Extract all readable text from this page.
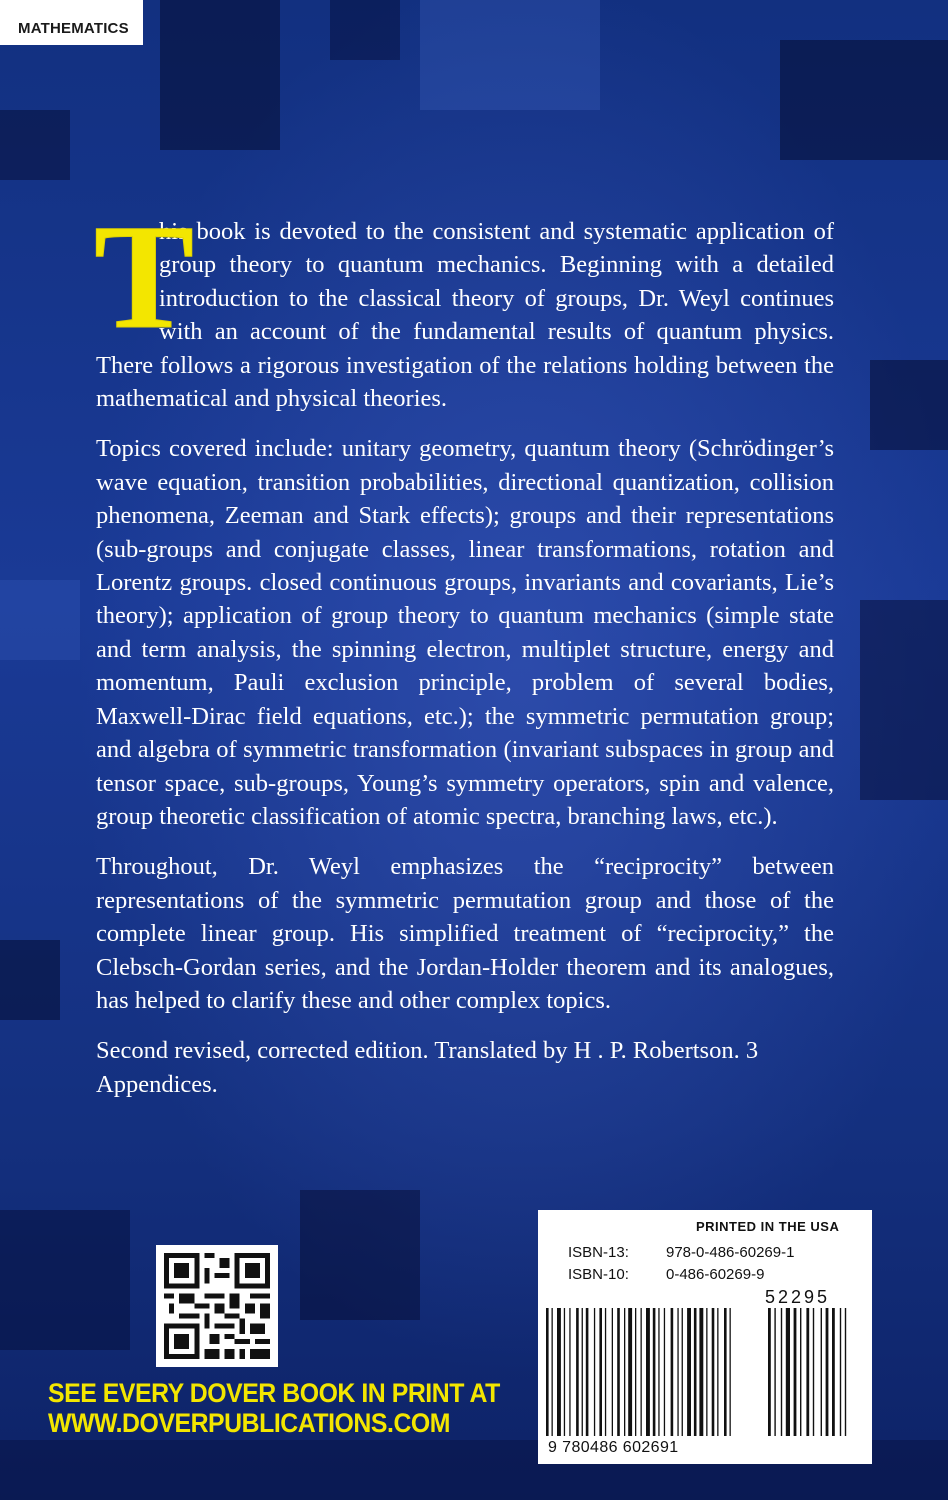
MATHEMATICS

T
his book is devoted to the consistent and systematic application of group theory to quantum mechanics. Beginning with a detailed introduction to the classical theory of groups, Dr. Weyl continues with an account of the fundamental results of quantum physics. There follows a rigorous investigation of the relations holding between the mathematical and physical theories.

Topics covered include: unitary geometry, quantum theory (Schrödinger’s wave equation, transition probabilities, directional quantization, collision phenomena, Zeeman and Stark effects); groups and their representations (sub-groups and conjugate classes, linear transformations, rotation and Lorentz groups. closed continuous groups, invariants and covariants, Lie’s theory); application of group theory to quantum mechanics (simple state and term analysis, the spinning electron, multiplet structure, energy and momentum, Pauli exclusion principle, problem of several bodies, Maxwell-Dirac field equations, etc.); the symmetric permutation group; and algebra of symmetric transformation (invariant subspaces in group and tensor space, sub-groups, Young’s symmetry operators, spin and valence, group theoretic classification of atomic spectra, branching laws, etc.).

Throughout, Dr. Weyl emphasizes the “reciprocity” between representations of the symmetric permutation group and those of the complete linear group. His simplified treatment of “reciprocity,” the Clebsch-Gordan series, and the Jordan-Holder theorem and its analogues, has helped to clarify these and other complex topics.

Second revised, corrected edition. Translated by H . P. Robertson. 3 Appendices.

SEE EVERY DOVER BOOK IN PRINT AT
WWW.DOVERPUBLICATIONS.COM
PRINTED IN THE USA
ISBN-13: 978-0-486-60269-1
ISBN-10: 0-486-60269-9
52295
9 780486 602691
